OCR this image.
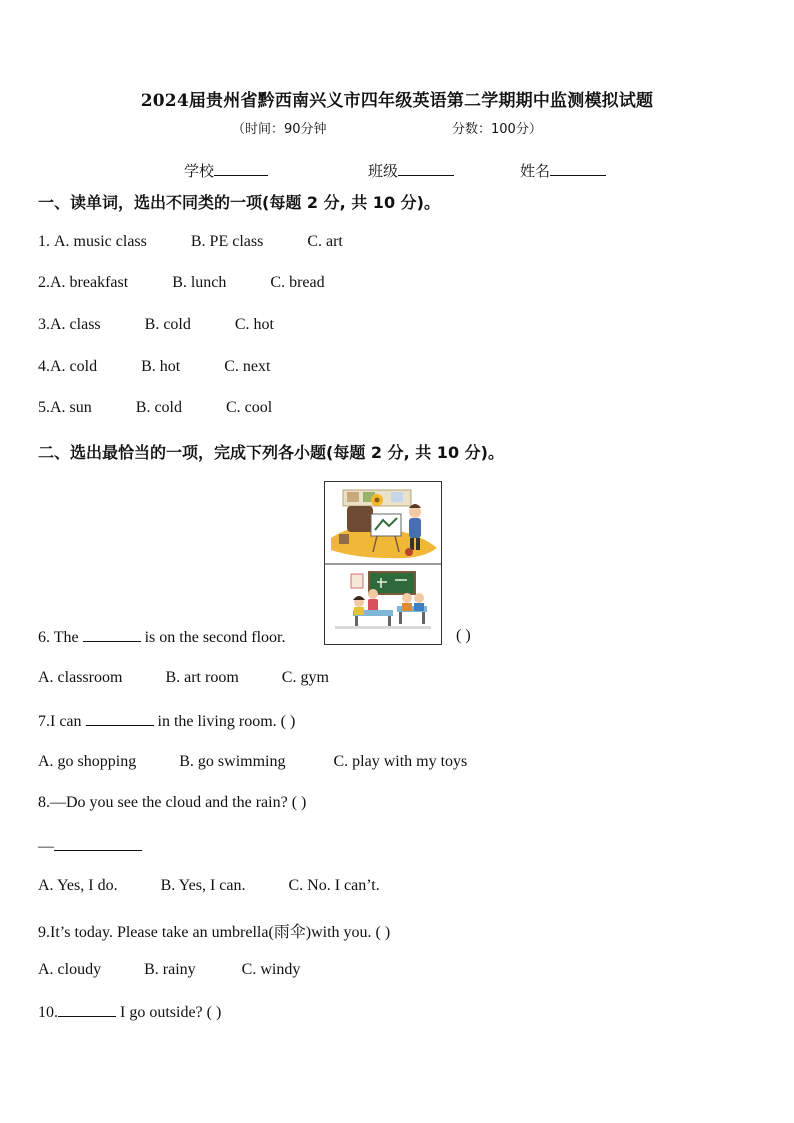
2024届贵州省黔西南兴义市四年级英语第二学期期中监测模拟试题
（时间：90分钟	分数：100分）
学校	班级	姓名
一、读单词，选出不同类的一项(每题 2 分, 共 10 分)。
1. A. music class	B. PE class	C. art
2.A. breakfast	B. lunch	C. bread
3.A. class	B. cold	C. hot
4.A. cold	B. hot	C. next
5.A. sun	B. cold	C. cool
二、选出最恰当的一项，完成下列各小题(每题 2 分, 共 10 分)。
6. The	is on the second floor.	( )
A. classroom	B. art room	C. gym
7.I can	in the living room. ( )
A. go shopping	B. go swimming	C. play with my toys
8.—Do you see the cloud and the rain? ( )
—
A. Yes, I do.	B. Yes, I can.	C. No. I can’t.
9.It’s today. Please take an umbrella(雨伞)with you. ( )
A. cloudy	B. rainy	C. windy
10.	I go outside? ( )
